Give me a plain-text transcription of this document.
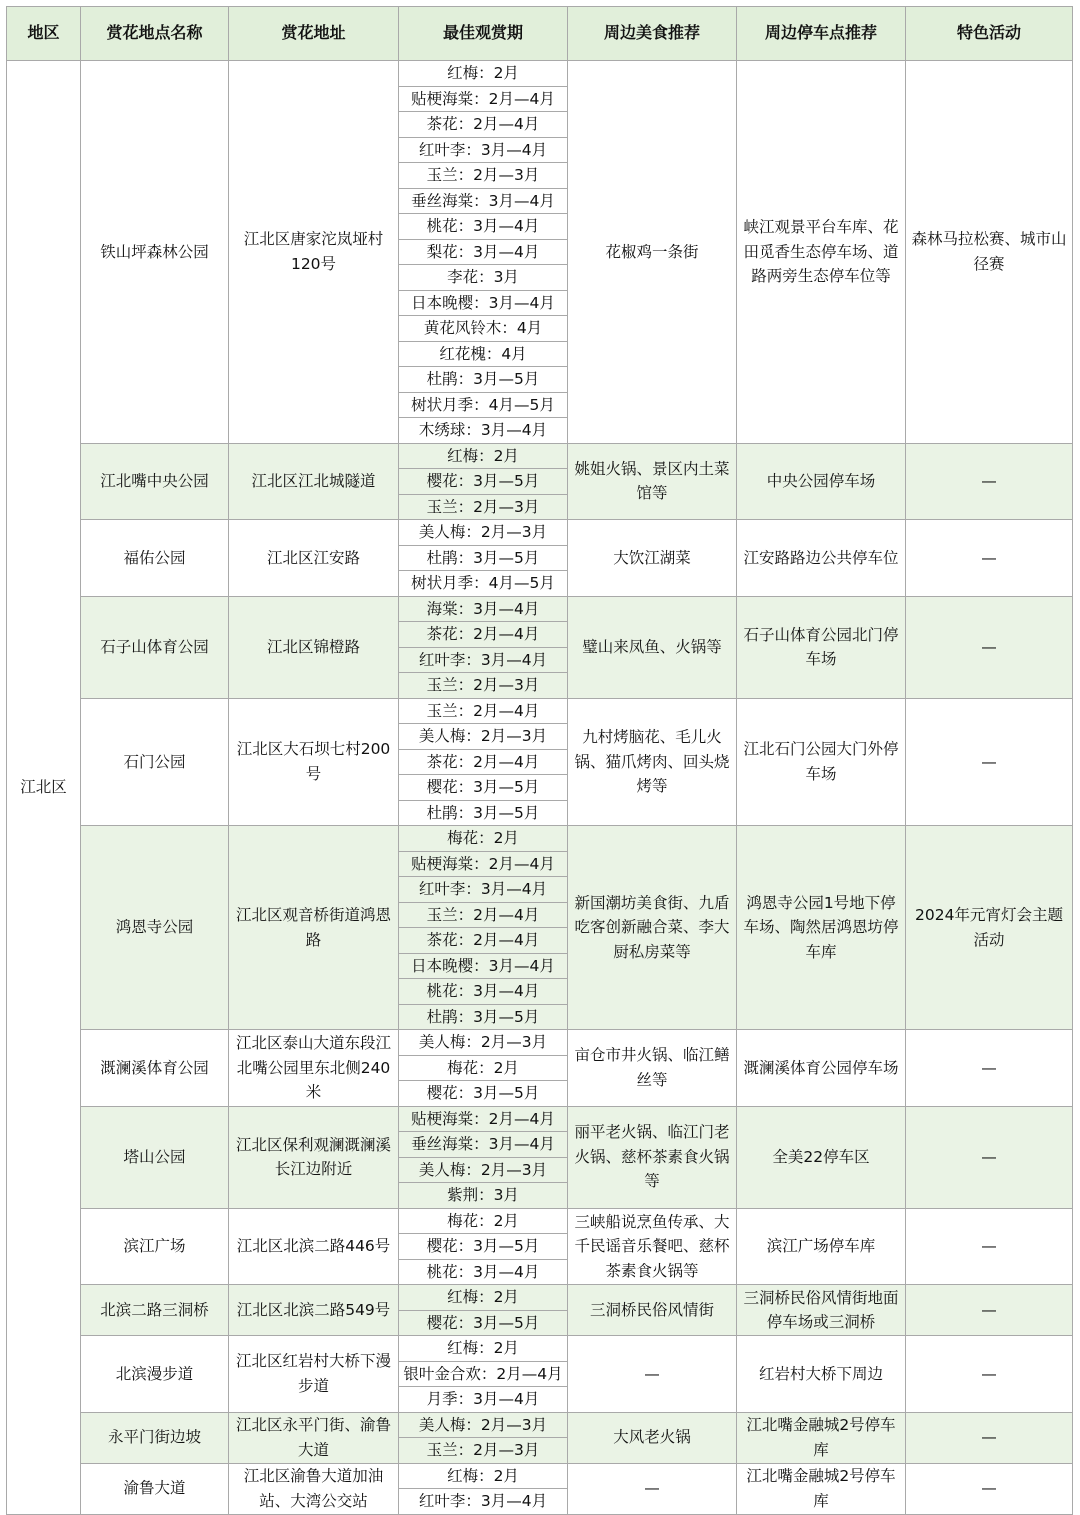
地区	赏花地点名称	赏花地址	最佳观赏期	周边美食推荐	周边停车点推荐	特色活动
江北区	铁山坪森林公园	江北区唐家沱岚垭村120号	红梅：2月	花椒鸡一条街	峡江观景平台车库、花田觅香生态停车场、道路两旁生态停车位等	森林马拉松赛、城市山径赛
			贴梗海棠：2月—4月			
			茶花：2月—4月			
			红叶李：3月—4月			
			玉兰：2月—3月			
			垂丝海棠：3月—4月			
			桃花：3月—4月			
			梨花：3月—4月			
			李花：3月			
			日本晚樱：3月—4月			
			黄花风铃木：4月			
			红花槐：4月			
			杜鹃：3月—5月			
			树状月季：4月—5月			
			木绣球：3月—4月			
	江北嘴中央公园	江北区江北城隧道	红梅：2月	姚姐火锅、景区内土菜馆等	中央公园停车场	—
			樱花：3月—5月			
			玉兰：2月—3月			
	福佑公园	江北区江安路	美人梅：2月—3月	大饮江湖菜	江安路路边公共停车位	—
			杜鹃：3月—5月			
			树状月季：4月—5月			
	石子山体育公园	江北区锦橙路	海棠：3月—4月	璧山来凤鱼、火锅等	石子山体育公园北门停车场	—
			茶花：2月—4月			
			红叶李：3月—4月			
			玉兰：2月—3月			
	石门公园	江北区大石坝七村200号	玉兰：2月—4月	九村烤脑花、毛儿火锅、猫爪烤肉、回头烧烤等	江北石门公园大门外停车场	—
			美人梅：2月—3月			
			茶花：2月—4月			
			樱花：3月—5月			
			杜鹃：3月—5月			
	鸿恩寺公园	江北区观音桥街道鸿恩路	梅花：2月	新国潮坊美食街、九盾吃客创新融合菜、李大厨私房菜等	鸿恩寺公园1号地下停车场、陶然居鸿恩坊停车库	2024年元宵灯会主题活动
			贴梗海棠：2月—4月			
			红叶李：3月—4月			
			玉兰：2月—4月			
			茶花：2月—4月			
			日本晚樱：3月—4月			
			桃花：3月—4月			
			杜鹃：3月—5月			
	溉澜溪体育公园	江北区泰山大道东段江北嘴公园里东北侧240米	美人梅：2月—3月	亩仓市井火锅、临江鳝丝等	溉澜溪体育公园停车场	—
			梅花：2月			
			樱花：3月—5月			
	塔山公园	江北区保利观澜溉澜溪长江边附近	贴梗海棠：2月—4月	丽平老火锅、临江门老火锅、慈杯茶素食火锅等	全美22停车区	—
			垂丝海棠：3月—4月			
			美人梅：2月—3月			
			紫荆：3月			
	滨江广场	江北区北滨二路446号	梅花：2月	三峡船说烹鱼传承、大千民谣音乐餐吧、慈杯茶素食火锅等	滨江广场停车库	—
			樱花：3月—5月			
			桃花：3月—4月			
	北滨二路三洞桥	江北区北滨二路549号	红梅：2月	三洞桥民俗风情街	三洞桥民俗风情街地面停车场或三洞桥	—
			樱花：3月—5月			
	北滨漫步道	江北区红岩村大桥下漫步道	红梅：2月	—	红岩村大桥下周边	—
			银叶金合欢：2月—4月			
			月季：3月—4月			
	永平门街边坡	江北区永平门街、渝鲁大道	美人梅：2月—3月	大风老火锅	江北嘴金融城2号停车库	—
			玉兰：2月—3月			
	渝鲁大道	江北区渝鲁大道加油站、大湾公交站	红梅：2月	—	江北嘴金融城2号停车库	—
			红叶李：3月—4月			
